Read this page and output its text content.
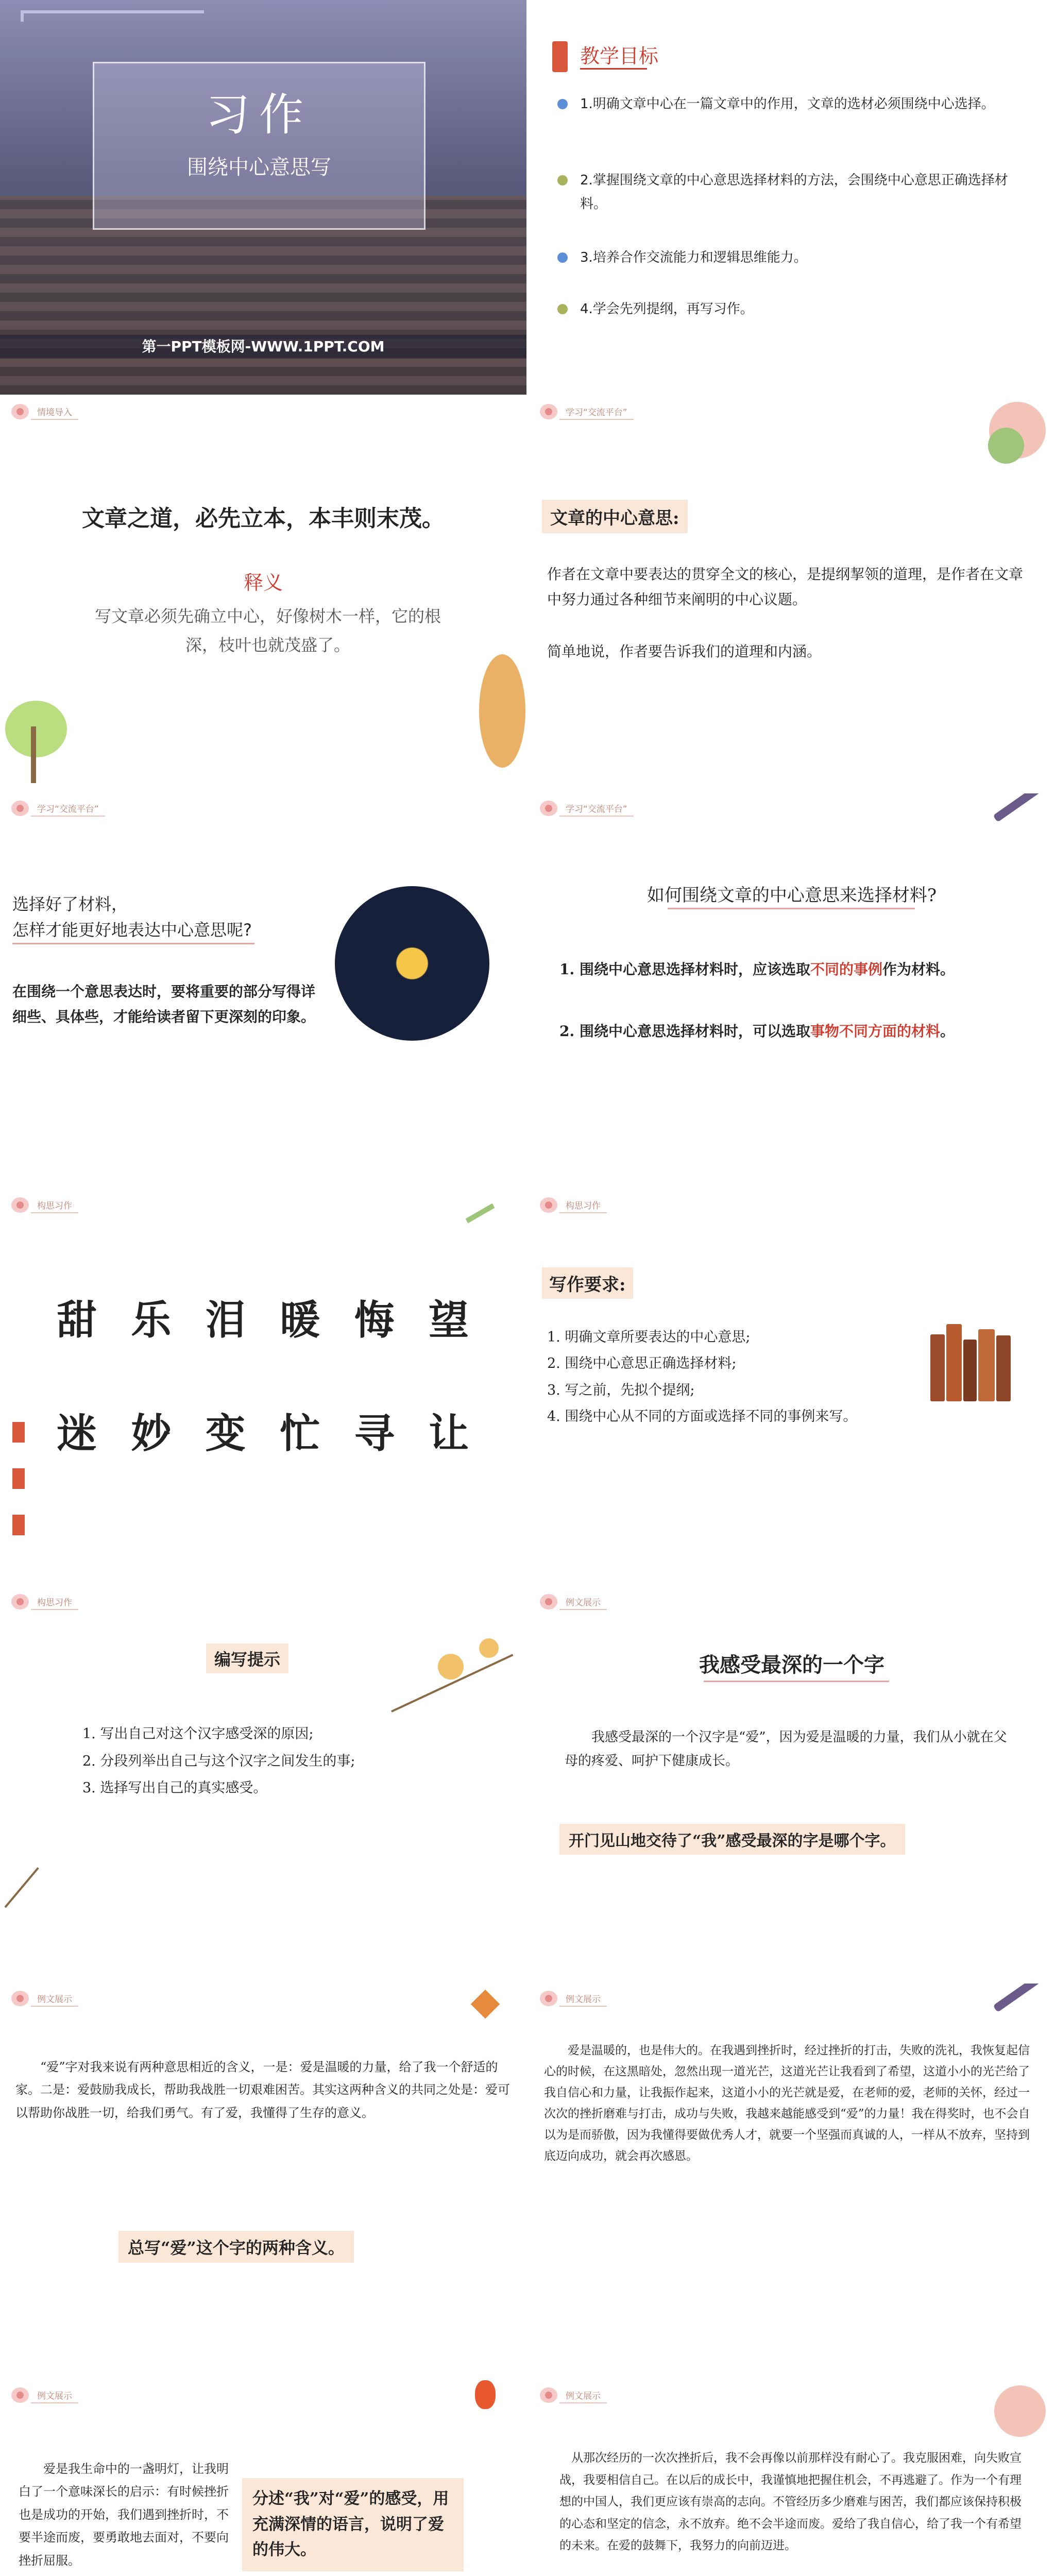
习作
围绕中心意思写
第一PPT模板网-WWW.1PPT.COM
教学目标
1.明确文章中心在一篇文章中的作用，文章的选材必须围绕中心选择。
2.掌握围绕文章的中心意思选择材料的方法，会围绕中心意思正确选择材料。
3.培养合作交流能力和逻辑思维能力。
4.学会先列提纲，再写习作。
情境导入
文章之道，必先立本，本丰则末茂。
释义
写文章必须先确立中心，好像树木一样，它的根深，枝叶也就茂盛了。
学习“交流平台”
文章的中心意思:
作者在文章中要表达的贯穿全文的核心，是提纲挈领的道理，是作者在文章中努力通过各种细节来阐明的中心议题。
简单地说，作者要告诉我们的道理和内涵。
学习“交流平台”
选择好了材料，
怎样才能更好地表达中心意思呢?
在围绕一个意思表达时，要将重要的部分写得详细些、具体些，才能给读者留下更深刻的印象。
学习“交流平台”
如何围绕文章的中心意思来选择材料?
1. 围绕中心意思选择材料时，应该选取不同的事例作为材料。
2. 围绕中心意思选择材料时，可以选取事物不同方面的材料。
构思习作
甜 乐 泪 暖 悔 望
迷 妙 变 忙 寻 让
构思习作
写作要求:
1. 明确文章所要表达的中心意思;
2. 围绕中心意思正确选择材料;
3. 写之前，先拟个提纲;
4. 围绕中心从不同的方面或选择不同的事例来写。
构思习作
编写提示
1. 写出自己对这个汉字感受深的原因;
2. 分段列举出自己与这个汉字之间发生的事;
3. 选择写出自己的真实感受。
例文展示
我感受最深的一个字
我感受最深的一个汉字是“爱”，因为爱是温暖的力量，我们从小就在父母的疼爱、呵护下健康成长。
开门见山地交待了“我”感受最深的字是哪个字。
例文展示
“爱”字对我来说有两种意思相近的含义，一是：爱是温暖的力量，给了我一个舒适的家。二是：爱鼓励我成长，帮助我战胜一切艰难困苦。其实这两种含义的共同之处是：爱可以帮助你战胜一切，给我们勇气。有了爱，我懂得了生存的意义。
总写“爱”这个字的两种含义。
例文展示
爱是温暖的，也是伟大的。在我遇到挫折时，经过挫折的打击，失败的洗礼，我恢复起信心的时候，在这黑暗处，忽然出现一道光芒，这道光芒让我看到了希望，这道小小的光芒给了我自信心和力量，让我振作起来，这道小小的光芒就是爱，在老师的爱，老师的关怀，经过一次次的挫折磨难与打击，成功与失败，我越来越能感受到“爱”的力量！我在得奖时，也不会自以为是而骄傲，因为我懂得要做优秀人才，就要一个坚强而真诚的人，一样从不放弃，坚持到底迈向成功，就会再次感恩。
例文展示
爱是我生命中的一盏明灯，让我明白了一个意味深长的启示：有时候挫折也是成功的开始，我们遇到挫折时，不要半途而废，要勇敢地去面对，不要向挫折屈服。
分述“我”对“爱”的感受，用充满深情的语言，说明了爱的伟大。
例文展示
从那次经历的一次次挫折后，我不会再像以前那样没有耐心了。我克服困难，向失败宣战，我要相信自己。在以后的成长中，我谨慎地把握住机会，不再逃避了。作为一个有理想的中国人，我们更应该有崇高的志向。不管经历多少磨难与困苦，我们都应该保持积极的心态和坚定的信念，永不放弃。绝不会半途而废。爱给了我自信心，给了我一个有希望的未来。在爱的鼓舞下，我努力的向前迈进。
